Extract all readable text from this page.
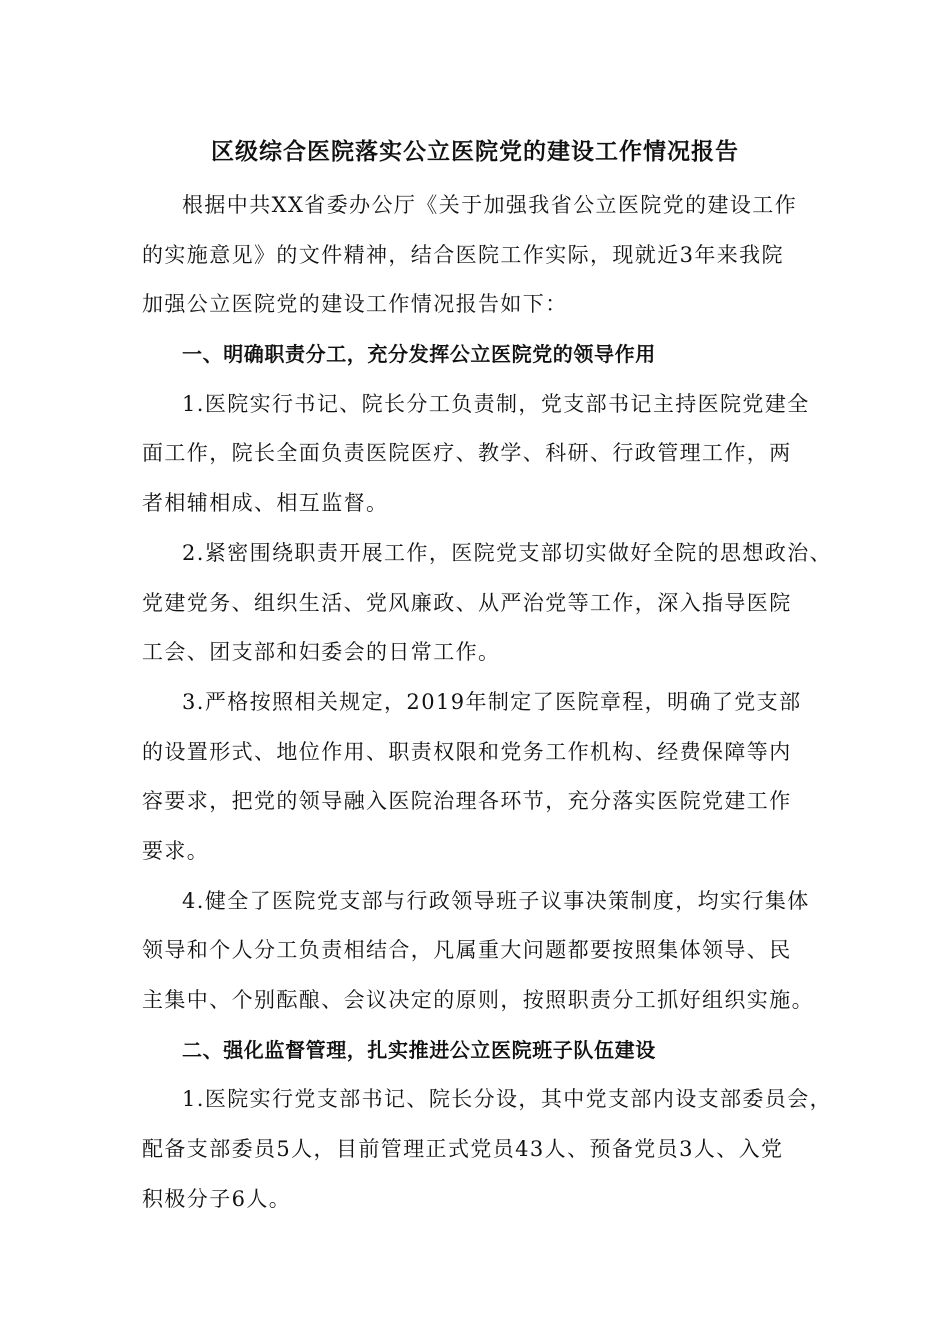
区级综合医院落实公立医院党的建设工作情况报告
根据中共XX省委办公厅《关于加强我省公立医院党的建设工作
的实施意见》的文件精神，结合医院工作实际，现就近3年来我院
加强公立医院党的建设工作情况报告如下：
一、明确职责分工，充分发挥公立医院党的领导作用
1.医院实行书记、院长分工负责制，党支部书记主持医院党建全
面工作，院长全面负责医院医疗、教学、科研、行政管理工作，两
者相辅相成、相互监督。
2.紧密围绕职责开展工作，医院党支部切实做好全院的思想政治、
党建党务、组织生活、党风廉政、从严治党等工作，深入指导医院
工会、团支部和妇委会的日常工作。
3.严格按照相关规定，2019年制定了医院章程，明确了党支部
的设置形式、地位作用、职责权限和党务工作机构、经费保障等内
容要求，把党的领导融入医院治理各环节，充分落实医院党建工作
要求。
4.健全了医院党支部与行政领导班子议事决策制度，均实行集体
领导和个人分工负责相结合，凡属重大问题都要按照集体领导、民
主集中、个别酝酿、会议决定的原则，按照职责分工抓好组织实施。
二、强化监督管理，扎实推进公立医院班子队伍建设
1.医院实行党支部书记、院长分设，其中党支部内设支部委员会，
配备支部委员5人，目前管理正式党员43人、预备党员3人、入党
积极分子6人。
